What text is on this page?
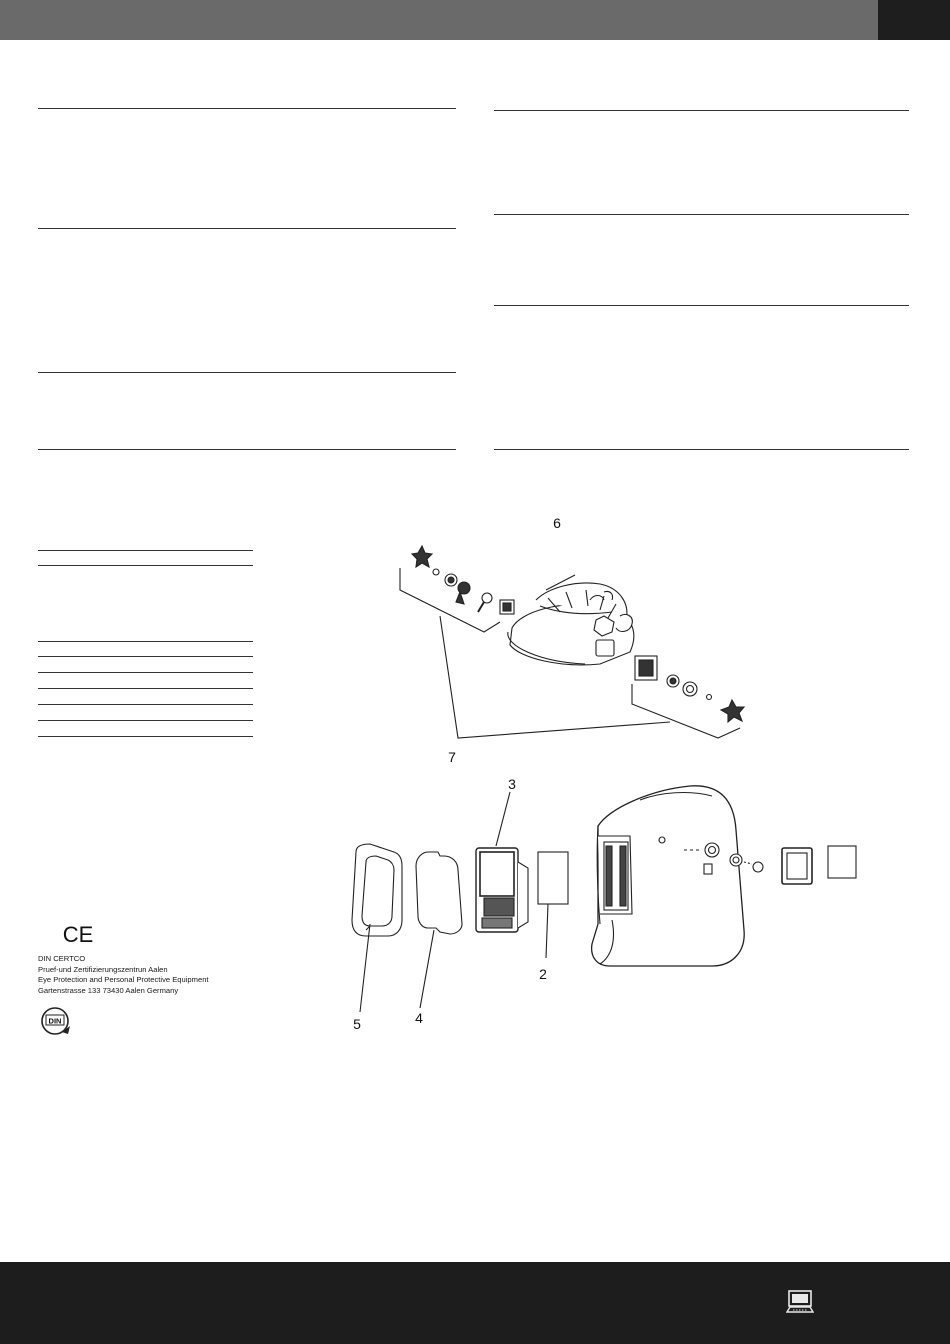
6
7
3
2
4
5
CE
DIN CERTCO
Pruef-und Zertifizierungszentrun Aalen
Eye Protection and Personal Protective Equipment
Gartenstrasse 133 73430 Aalen Germany
DIN
